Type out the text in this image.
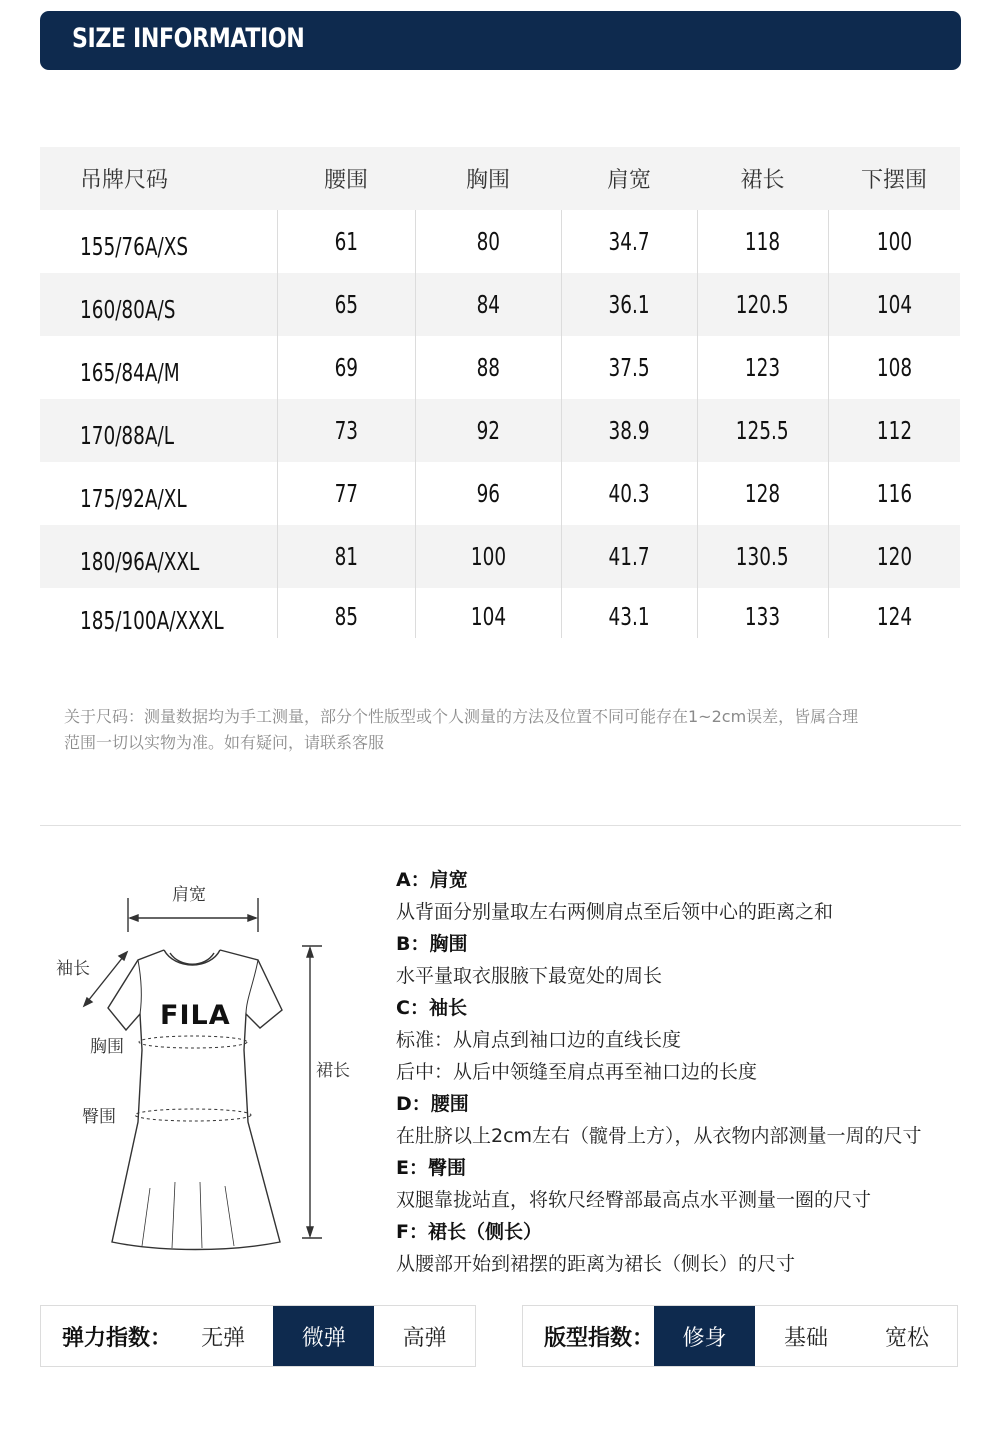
SIZE INFORMATION
吊牌尺码	腰围	胸围	肩宽	裙长	下摆围
155/76A/XS	61	80	34.7	118	100
160/80A/S	65	84	36.1	120.5	104
165/84A/M	69	88	37.5	123	108
170/88A/L	73	92	38.9	125.5	112
175/92A/XL	77	96	40.3	128	116
180/96A/XXL	81	100	41.7	130.5	120
185/100A/XXXL	85	104	43.1	133	124
关于尺码：测量数据均为手工测量，部分个性版型或个人测量的方法及位置不同可能存在1~2cm误差，皆属合理
范围一切以实物为准。如有疑问，请联系客服
肩宽
袖长
胸围
臀围
裙长
FILA
A：肩宽
从背面分别量取左右两侧肩点至后领中心的距离之和
B：胸围
水平量取衣服腋下最宽处的周长
C：袖长
标准：从肩点到袖口边的直线长度
后中：从后中领缝至肩点再至袖口边的长度
D：腰围
在肚脐以上2cm左右（髋骨上方），从衣物内部测量一周的尺寸
E：臀围
双腿靠拢站直，将软尺经臀部最高点水平测量一圈的尺寸
F：裙长（侧长）
从腰部开始到裙摆的距离为裙长（侧长）的尺寸
弹力指数：	无弹	微弹	高弹	版型指数：	修身	基础	宽松
